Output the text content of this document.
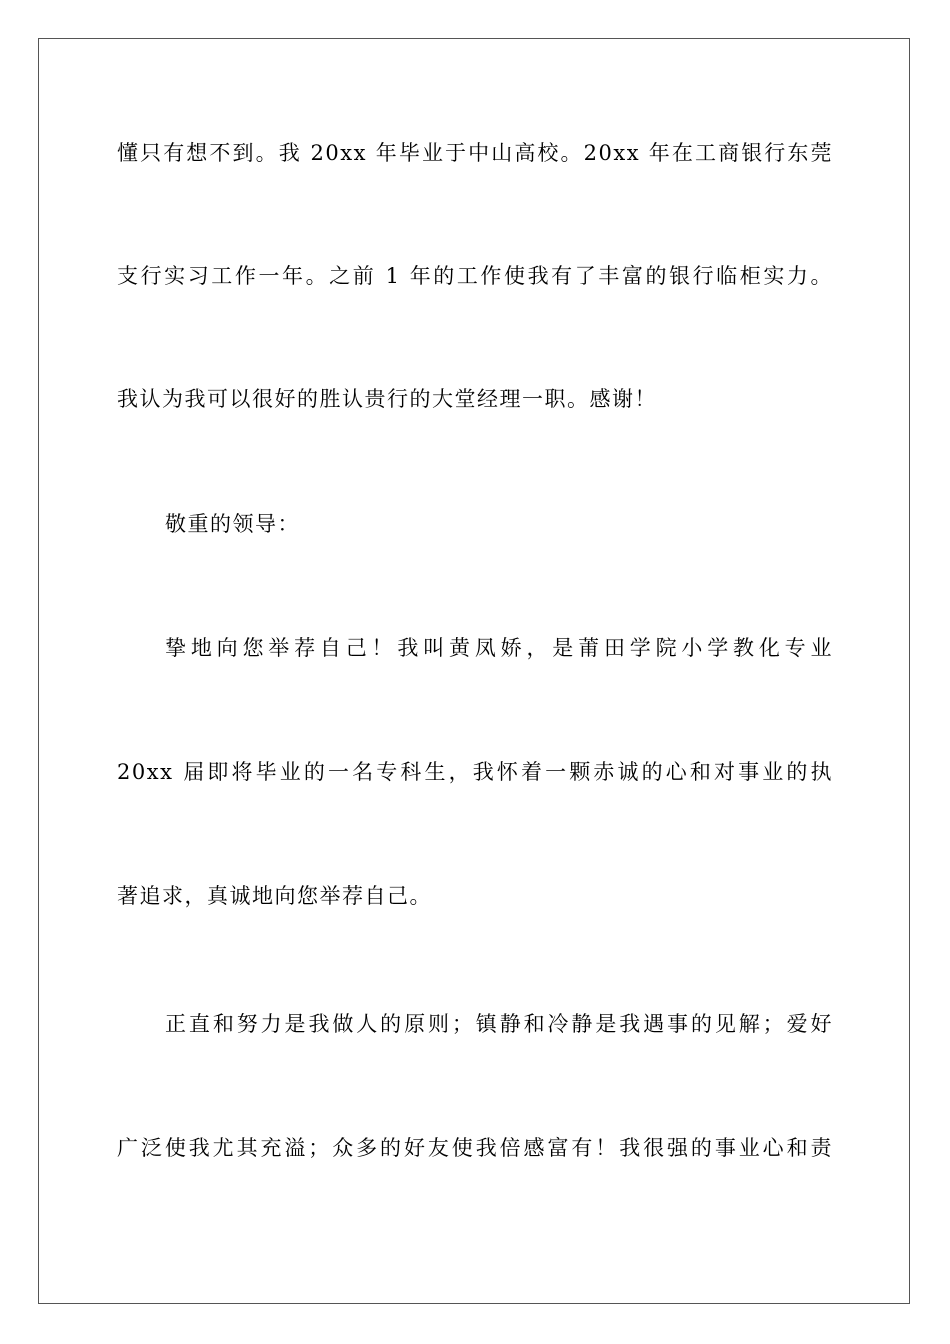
懂只有想不到。我 20xx 年毕业于中山高校。20xx 年在工商银行东莞
支行实习工作一年。之前 1 年的工作使我有了丰富的银行临柜实力。
我认为我可以很好的胜认贵行的大堂经理一职。感谢！
敬重的领导：
挚地向您举荐自己！我叫黄凤娇，是莆田学院小学教化专业
20xx 届即将毕业的一名专科生，我怀着一颗赤诚的心和对事业的执
著追求，真诚地向您举荐自己。
正直和努力是我做人的原则；镇静和冷静是我遇事的见解；爱好
广泛使我尤其充溢；众多的好友使我倍感富有！我很强的事业心和责
